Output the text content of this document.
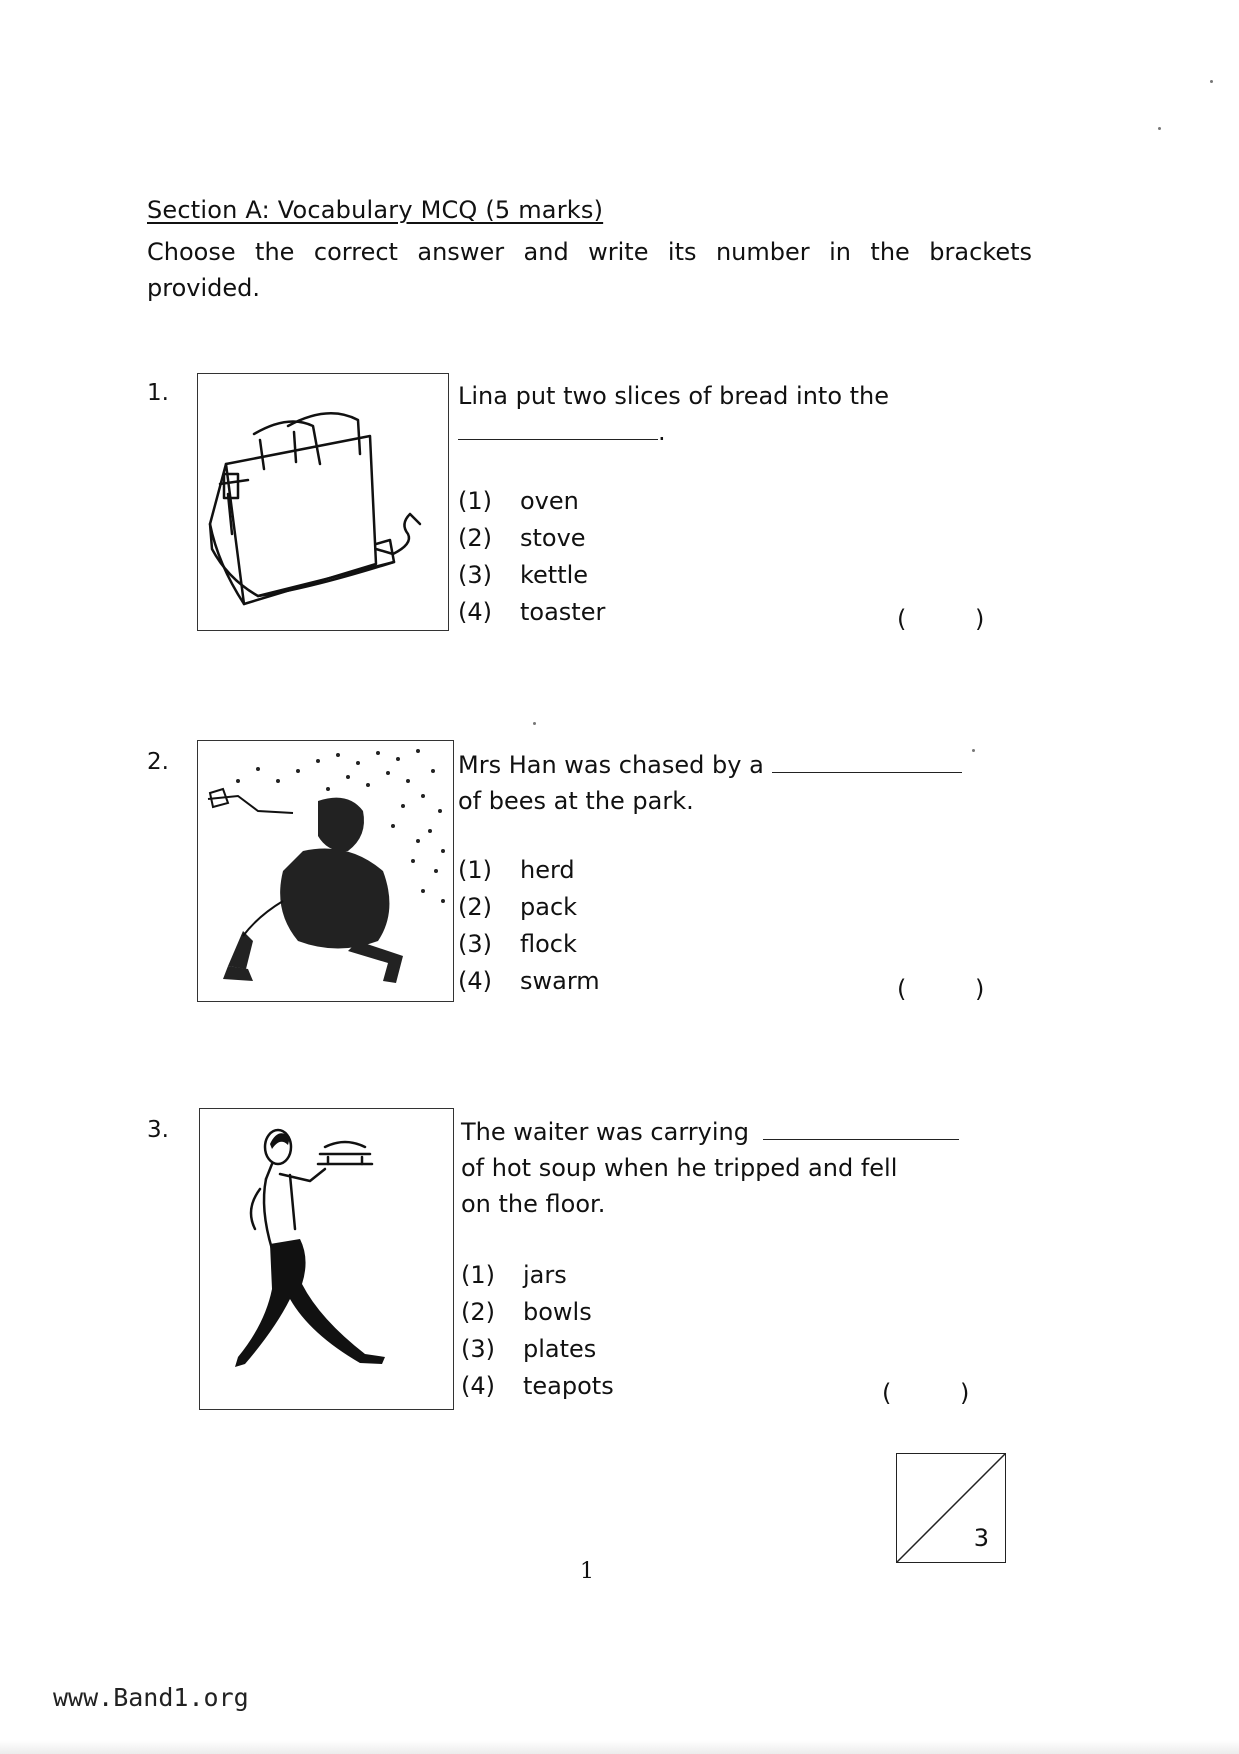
Section A: Vocabulary MCQ (5 marks)
Choose the correct answer and write its number in the brackets provided.
1.	Lina put two slices of bread into the
.
(1) oven
(2) stove
(3) kettle
(4) toaster	(         )
2.	Mrs Han was chased by a
of bees at the park.
(1) herd
(2) pack
(3) flock
(4) swarm	(         )
3.	The waiter was carrying

of hot soup when he tripped and fell on the floor.
(1) jars
(2) bowls
(3) plates
(4) teapots	(         )
3
1
www.Band1.org
